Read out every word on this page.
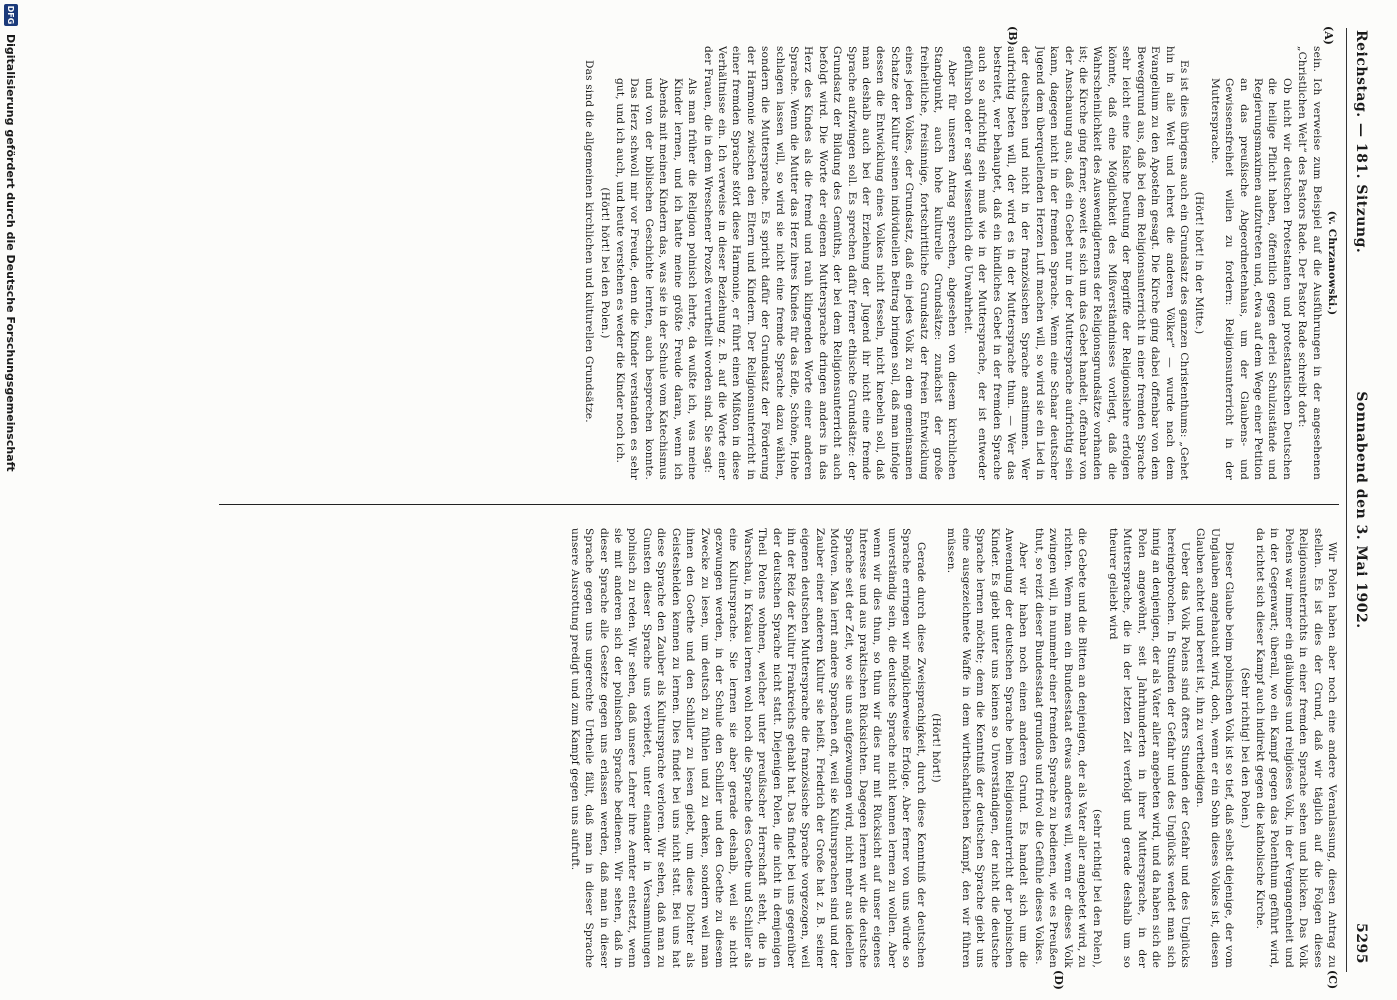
Reichstag. — 181. Sitzung.
Sonnabend den 3. Mai 1902.
5295
(A)
(B)
(C)
(D)

(v. Chrzanowski.)

sein. Ich verweise zum Beispiel auf die Ausführungen in der angesehenen „Christlichen Welt“ des Pastors Rade. Der Pastor Rade schreibt dort:

Ob nicht wir deutschen Protestanten und protestantischen Deutschen die heilige Pflicht haben, öffentlich gegen derlei Schulzustände und Regierungsmaximen aufzutreten und, etwa auf dem Wege einer Petition an das preußische Abgeordnetenhaus, um der Glaubens- und Gewissensfreiheit willen zu fordern: Religionsunterricht in der Muttersprache.

(Hört! hört! in der Mitte.)

Es ist dies übrigens auch ein Grundsatz des ganzen Christenthums: „Gehet hin in alle Welt und lehret die anderen Völker“ — wurde nach dem Evangelium zu den Aposteln gesagt. Die Kirche ging dabei offenbar von dem Beweggrund aus, daß bei dem Religionsunterricht in einer fremden Sprache sehr leicht eine falsche Deutung der Begriffe der Religionslehre erfolgen könnte, daß eine Möglichkeit des Mißverständnisses vorliegt, daß die Wahrscheinlichkeit des Auswendiglernens der Religionsgrundsätze vorhanden ist; die Kirche ging ferner, soweit es sich um das Gebet handelt, offenbar von der Anschauung aus, daß ein Gebet nur in der Muttersprache aufrichtig sein kann, dagegen nicht in der fremden Sprache. Wenn eine Schaar deutscher Jugend dem überquellenden Herzen Luft machen will, so wird sie ein Lied in der deutschen und nicht in der französischen Sprache anstimmen. Wer aufrichtig beten will, der wird es in der Muttersprache thun. — Wer das bestreitet, wer behauptet, daß ein kindliches Gebet in der fremden Sprache auch so aufrichtig sein muß wie in der Muttersprache, der ist entweder gefühlsroh oder er sagt wissentlich die Unwahrheit.

Aber für unseren Antrag sprechen, abgesehen von diesem kirchlichen Standpunkt, auch hohe kulturelle Grundsätze: zunächst der große freiheitliche, freisinnige, fortschrittliche Grundsatz der freien Entwicklung eines jeden Volkes, der Grundsatz, daß ein jedes Volk zu dem gemeinsamen Schatze der Kultur seinen individuellen Beitrag bringen soll, daß man infolge dessen die Entwicklung eines Volkes nicht fesseln, nicht knebeln soll, daß man deshalb auch bei der Erziehung der Jugend ihr nicht eine fremde Sprache aufzwingen soll. Es sprechen dafür ferner ethische Grundsätze: der Grundsatz der Bildung des Gemüths, der bei dem Religionsunterricht auch befolgt wird. Die Worte der eigenen Muttersprache dringen anders in das Herz des Kindes als die fremd und rauh klingenden Worte einer anderen Sprache. Wenn die Mutter das Herz ihres Kindes für das Edle, Schöne, Hohe schlagen lassen will, so wird sie nicht eine fremde Sprache dazu wählen, sondern die Muttersprache. Es spricht dafür der Grundsatz der Förderung der Harmonie zwischen den Eltern und Kindern. Der Religionsunterricht in einer fremden Sprache stört diese Harmonie, er führt einen Mißton in diese Verhältnisse ein. Ich verweise in dieser Beziehung z. B. auf die Worte einer der Frauen, die in dem Wreschener Prozeß verurtheilt worden sind. Sie sagt:

Als man früher die Religion polnisch lehrte, da wußte ich, was meine Kinder lernen, und ich hatte meine größte Freude daran, wenn ich Abends mit meinen Kindern das, was sie in der Schule vom Katechismus und von der biblischen Geschichte lernten, auch besprechen konnte. Das Herz schwoll mir vor Freude, denn die Kinder verstanden es sehr gut, und ich auch, und heute verstehen es weder die Kinder noch ich.

(Hört! hört! bei den Polen.)

Das sind die allgemeinen kirchlichen und kulturellen Grundsätze.

Wir Polen haben aber noch eine andere Veranlassung, diesen Antrag zu stellen. Es ist dies der Grund, daß wir täglich auf die Folgen dieses Religionsunterrichts in einer fremden Sprache sehen und blicken. Das Volk Polens war immer ein gläubiges und religiöses Volk, in der Vergangenheit und in der Gegenwart; überall, wo ein Kampf gegen das Polenthum geführt wird, da richtet sich dieser Kampf auch indirekt gegen die katholische Kirche.

(Sehr richtig! bei den Polen.)

Dieser Glaube beim polnischen Volk ist so tief, daß selbst diejenige, der vom Unglauben angehaucht wird, doch, wenn er ein Sohn dieses Volkes ist, diesen Glauben achtet und bereit ist, ihn zu vertheidigen.

Ueber das Volk Polens sind öfters Stunden der Gefahr und des Unglücks hereingebrochen. In Stunden der Gefahr und des Unglücks wendet man sich innig an denjenigen, der als Vater aller angebeten wird, und da haben sich die Polen angewöhnt, seit Jahrhunderten in ihrer Muttersprache, in der Muttersprache, die in der letzten Zeit verfolgt und gerade deshalb um so theurer geliebt wird

(sehr richtig! bei den Polen),

die Gebete und die Bitten an denjenigen, der als Vater aller angebetet wird, zu richten. Wenn man ein Bundesstaat etwas anderes will, wenn er dieses Volk zwingen will, in nunmehr einer fremden Sprache zu bedienen, wie es Preußen thut, so reizt dieser Bundesstaat grundlos und frivol die Gefühle dieses Volkes.

Aber wir haben noch einen anderen Grund. Es handelt sich um die Anwendung der deutschen Sprache beim Religionsunterricht der polnischen Kinder. Es giebt unter uns keinen so Unverständigen, der nicht die deutsche Sprache lernen möchte; denn die Kenntniß der deutschen Sprache giebt uns eine ausgezeichnete Waffe in dem wirthschaftlichen Kampf, den wir führen müssen.

(Hört! hört!)

Gerade durch diese Zweisprachigkeit, durch diese Kenntniß der deutschen Sprache erringen wir möglicherweise Erfolge. Aber ferner von uns würde so unverständig sein, die deutsche Sprache nicht kennen lernen zu wollen. Aber wenn wir dies thun, so thun wir dies nur mit Rücksicht auf unser eigenes Interesse und aus praktischen Rücksichten. Dagegen lernen wir die deutsche Sprache seit der Zeit, wo sie uns aufgezwungen wird, nicht mehr aus ideellen Motiven. Man lernt andere Sprachen oft, weil sie Kultursprachen sind und der Zauber einer anderen Kultur sie heißt. Friedrich der Große hat z. B. seiner eigenen deutschen Muttersprache die französische Sprache vorgezogen, weil ihn der Reiz der Kultur Frankreichs gehabt hat. Das findet bei uns gegenüber der deutschen Sprache nicht statt. Diejenigen Polen, die nicht in demjenigen Theil Polens wohnen, welcher unter preußischer Herrschaft steht, die in Warschau, in Krakau lernen wohl noch die Sprache des Goethe und Schiller als eine Kultursprache. Sie lernen sie aber gerade deshalb, weil sie nicht gezwungen werden, in der Schule den Schiller und den Goethe zu diesem Zwecke zu lesen, um deutsch zu fühlen und zu denken, sondern weil man ihnen den Goethe und den Schiller zu lesen giebt, um diese Dichter als Geisteshelden kennen zu lernen. Dies findet bei uns nicht statt. Bei uns hat diese Sprache den Zauber als Kultursprache verloren. Wir sehen, daß man zu Gunsten dieser Sprache uns verbietet, unter einander in Versammlungen polnisch zu reden. Wir sehen, daß unsere Lehrer ihre Aemter entsetzt, wenn sie mit anderen sich der polnischen Sprache bedienen. Wir sehen, daß in dieser Sprache alle Gesetze gegen uns erlassen werden, daß man in dieser Sprache gegen uns ungerechte Urtheile fällt, daß man in dieser Sprache unsere Ausrottung predigt und zum Kampf gegen uns aufruft.

DFG
Digitalisierung gefördert durch die Deutsche Forschungsgemeinschaft
